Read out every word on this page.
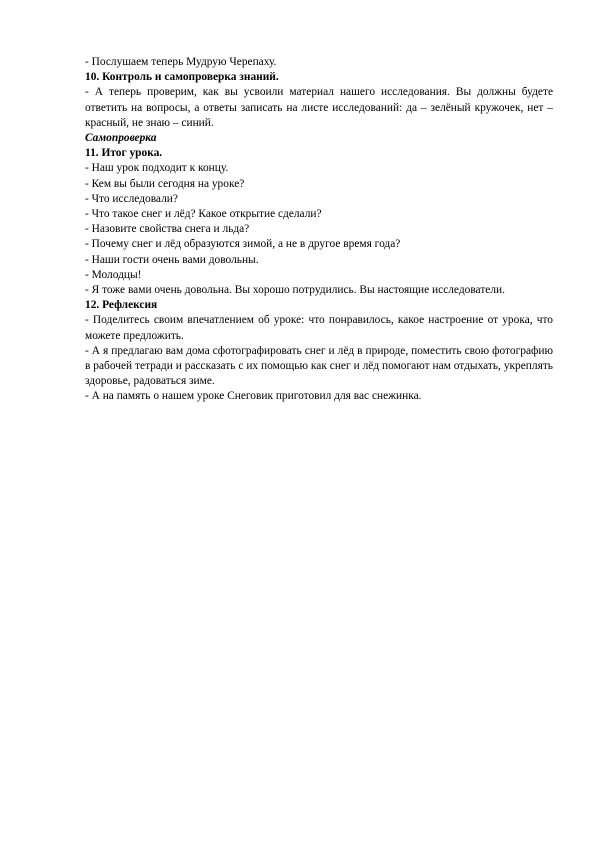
- Послушаем теперь Мудрую Черепаху.
10. Контроль и самопроверка знаний.
- А теперь проверим, как вы усвоили материал нашего исследования. Вы должны будете ответить на вопросы, а ответы записать на листе исследований: да – зелёный кружочек, нет – красный, не знаю – синий.
Самопроверка
11. Итог урока.
- Наш урок подходит к концу.
- Кем вы были сегодня на уроке?
- Что исследовали?
- Что такое снег и лёд? Какое открытие сделали?
- Назовите свойства снега и льда?
- Почему снег и лёд образуются зимой, а не в другое время года?
- Наши гости очень вами довольны.
- Молодцы!
- Я тоже вами очень довольна. Вы хорошо потрудились. Вы настоящие исследователи.
12. Рефлексия
- Поделитесь своим впечатлением об уроке: что понравилось, какое настроение от урока, что можете предложить.
- А я предлагаю вам дома сфотографировать снег и лёд в природе, поместить свою фотографию в рабочей тетради и рассказать с их помощью как снег и лёд помогают нам отдыхать, укреплять здоровье, радоваться зиме.
- А на память о нашем уроке Снеговик приготовил для вас снежинка.
